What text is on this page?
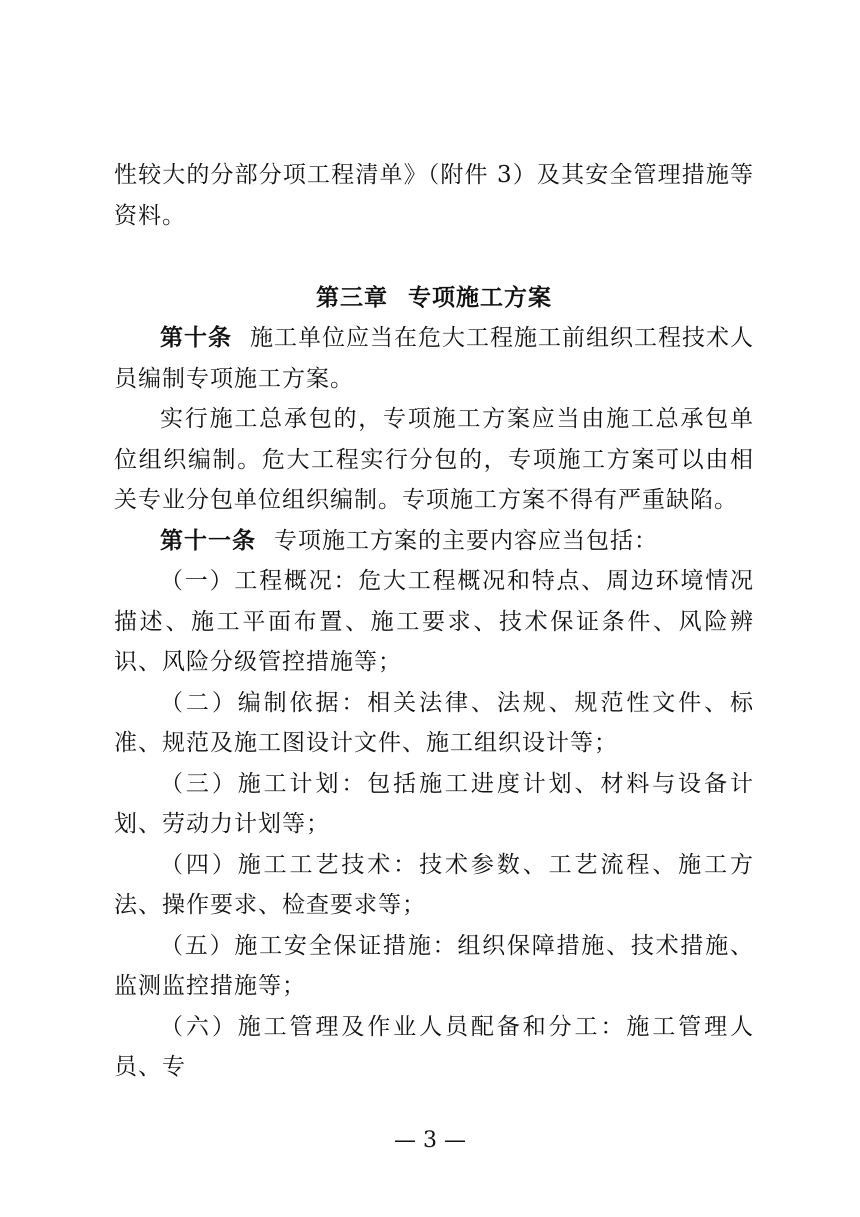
性较大的分部分项工程清单》（附件 3）及其安全管理措施等资料。

第三章 专项施工方案

第十条 施工单位应当在危大工程施工前组织工程技术人员编制专项施工方案。

实行施工总承包的，专项施工方案应当由施工总承包单位组织编制。危大工程实行分包的，专项施工方案可以由相关专业分包单位组织编制。专项施工方案不得有严重缺陷。

第十一条 专项施工方案的主要内容应当包括：

（一）工程概况：危大工程概况和特点、周边环境情况描述、施工平面布置、施工要求、技术保证条件、风险辨识、风险分级管控措施等；

（二）编制依据：相关法律、法规、规范性文件、标准、规范及施工图设计文件、施工组织设计等；

（三）施工计划：包括施工进度计划、材料与设备计划、劳动力计划等；

（四）施工工艺技术：技术参数、工艺流程、施工方法、操作要求、检查要求等；

（五）施工安全保证措施：组织保障措施、技术措施、监测监控措施等；

（六）施工管理及作业人员配备和分工：施工管理人员、专

— 3 —
